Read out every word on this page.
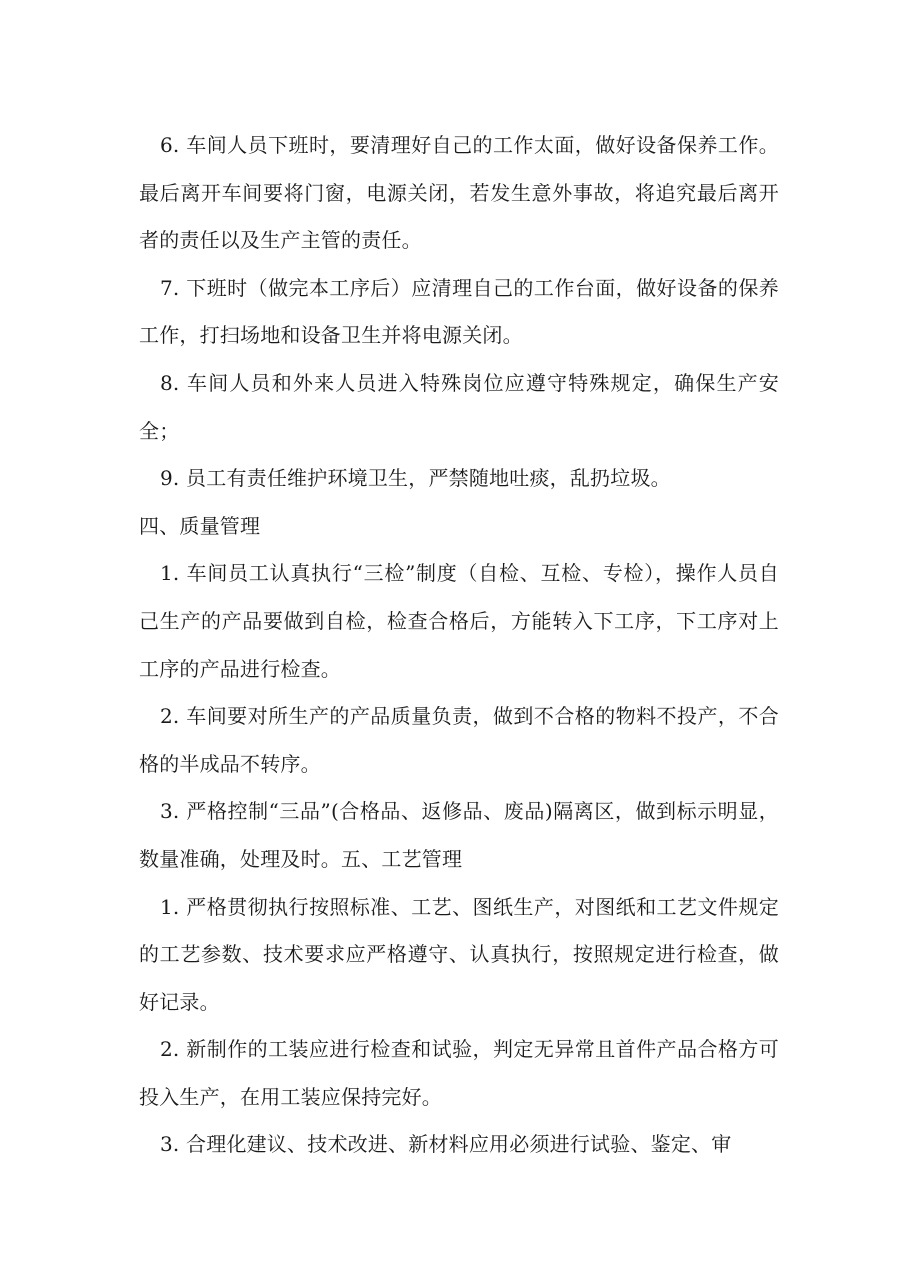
6. 车间人员下班时，要清理好自己的工作太面，做好设备保养工作。最后离开车间要将门窗，电源关闭，若发生意外事故，将追究最后离开者的责任以及生产主管的责任。

7. 下班时（做完本工序后）应清理自己的工作台面，做好设备的保养工作，打扫场地和设备卫生并将电源关闭。

8. 车间人员和外来人员进入特殊岗位应遵守特殊规定，确保生产安全；

9. 员工有责任维护环境卫生，严禁随地吐痰，乱扔垃圾。

四、质量管理

1. 车间员工认真执行“三检”制度（自检、互检、专检），操作人员自己生产的产品要做到自检，检查合格后，方能转入下工序，下工序对上工序的产品进行检查。

2. 车间要对所生产的产品质量负责，做到不合格的物料不投产，不合格的半成品不转序。

3. 严格控制“三品”(合格品、返修品、废品)隔离区，做到标示明显，数量准确，处理及时。五、工艺管理

1. 严格贯彻执行按照标准、工艺、图纸生产，对图纸和工艺文件规定的工艺参数、技术要求应严格遵守、认真执行，按照规定进行检查，做好记录。

2. 新制作的工装应进行检查和试验，判定无异常且首件产品合格方可投入生产，在用工装应保持完好。

3. 合理化建议、技术改进、新材料应用必须进行试验、鉴定、审
